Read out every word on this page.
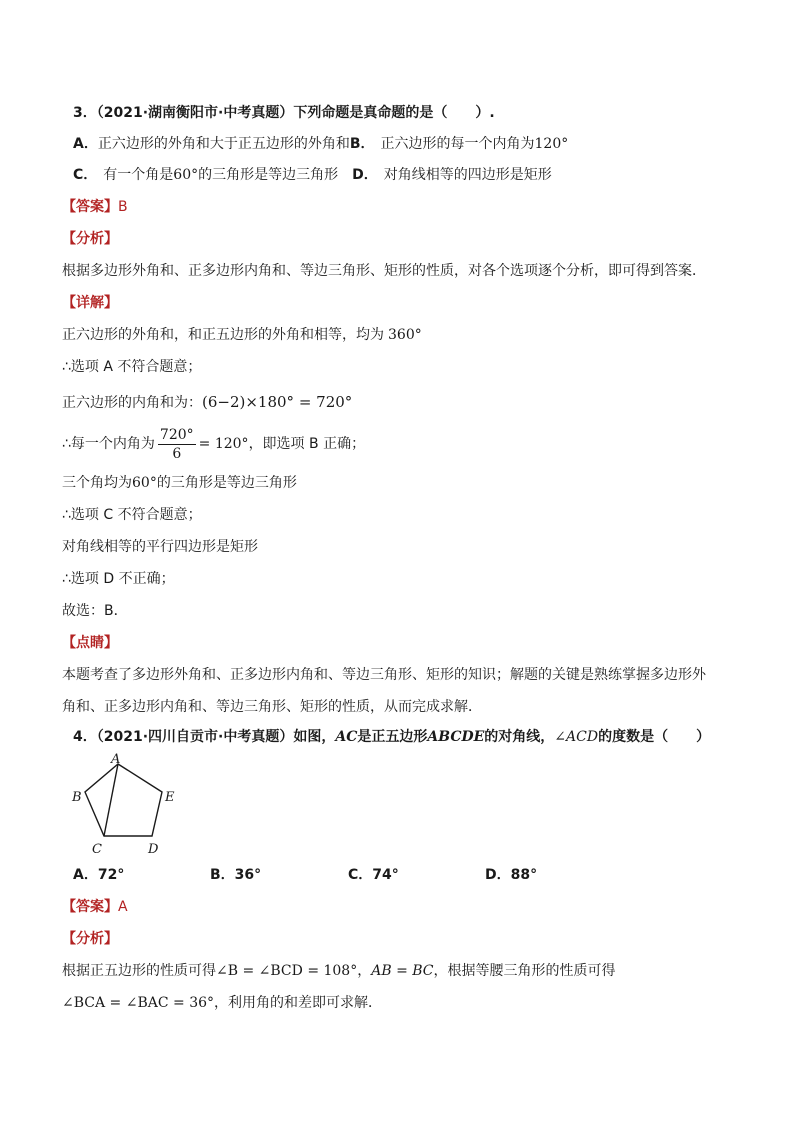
3．（2021·湖南衡阳市·中考真题）下列命题是真命题的是（　　）.
A．正六边形的外角和大于正五边形的外角和B． 正六边形的每一个内角为120°
C． 有一个角是60°的三角形是等边三角形 D． 对角线相等的四边形是矩形
【答案】B
【分析】
根据多边形外角和、正多边形内角和、等边三角形、矩形的性质，对各个选项逐个分析，即可得到答案．
【详解】
正六边形的外角和，和正五边形的外角和相等，均为 360°
∴选项 A 不符合题意；
正六边形的内角和为：(6−2)×180° = 720°
∴每一个内角为 $\frac{720^\circ}{6} = 120^\circ$，即选项 B 正确；
三个角均为60°的三角形是等边三角形
∴选项 C 不符合题意；
对角线相等的平行四边形是矩形
∴选项 D 不正确；
故选：B．
【点睛】
本题考查了多边形外角和、正多边形内角和、等边三角形、矩形的知识；解题的关键是熟练掌握多边形外
角和、正多边形内角和、等边三角形、矩形的性质，从而完成求解．
4．（2021·四川自贡市·中考真题）如图，AC是正五边形ABCDE的对角线，∠ACD的度数是（　　）
A
B
C	D
E
A．72°	B．36°	C．74°	D．88°
【答案】A
【分析】
根据正五边形的性质可得∠B = ∠BCD = 108°，AB = BC，根据等腰三角形的性质可得
∠BCA = ∠BAC = 36°，利用角的和差即可求解．
